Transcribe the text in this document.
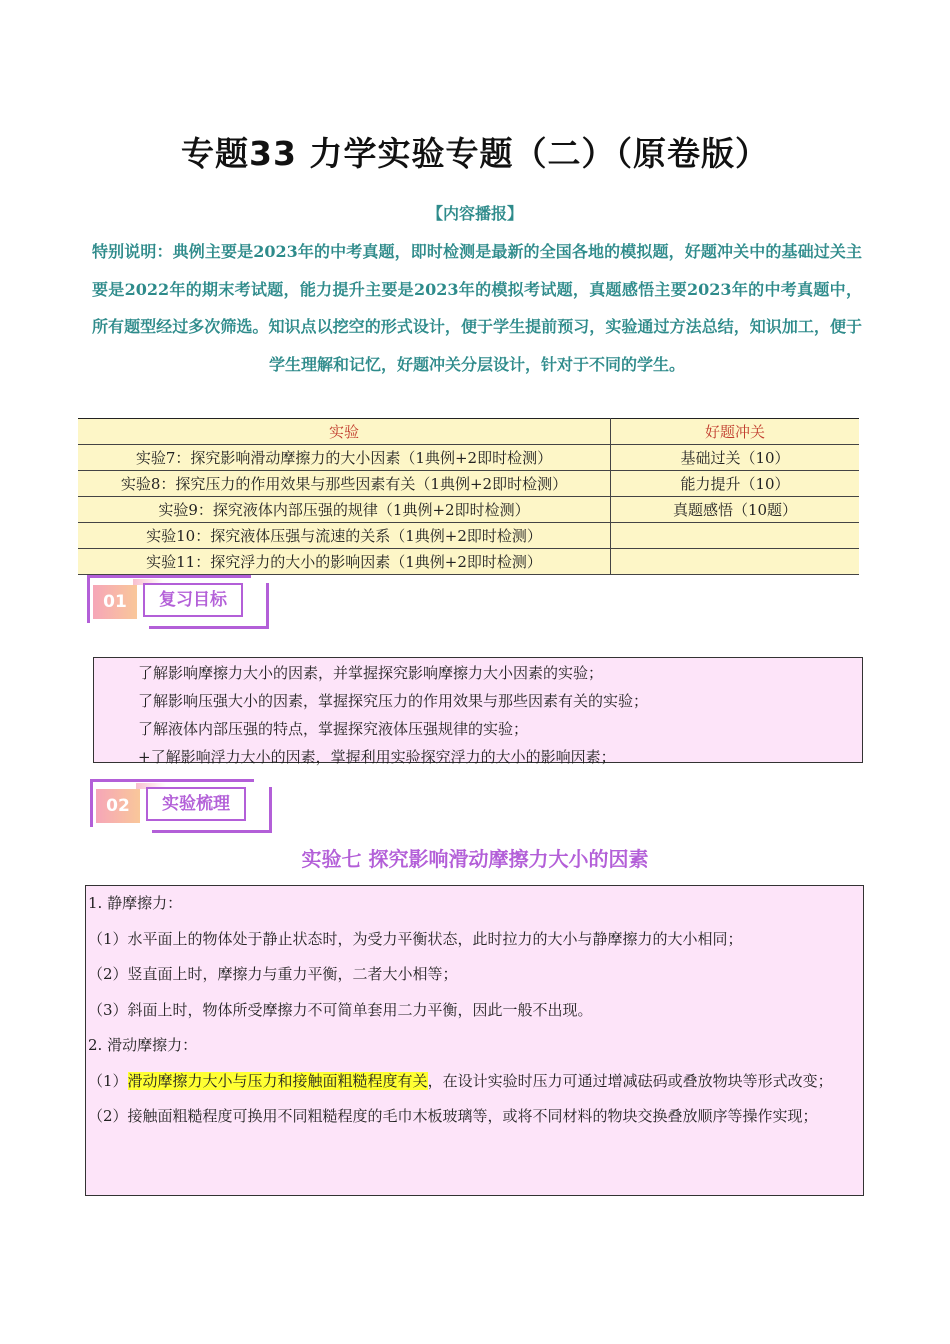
专题33 力学实验专题（二）（原卷版）
【内容播报】
特别说明：典例主要是2023年的中考真题，即时检测是最新的全国各地的模拟题，好题冲关中的基础过关主要是2022年的期末考试题，能力提升主要是2023年的模拟考试题，真题感悟主要2023年的中考真题中，所有题型经过多次筛选。知识点以挖空的形式设计，便于学生提前预习，实验通过方法总结，知识加工，便于学生理解和记忆，好题冲关分层设计，针对于不同的学生。
实验	好题冲关
实验7：探究影响滑动摩擦力的大小因素（1典例+2即时检测）	基础过关（10）
实验8：探究压力的作用效果与那些因素有关（1典例+2即时检测）	能力提升（10）
实验9：探究液体内部压强的规律（1典例+2即时检测）	真题感悟（10题）
实验10：探究液体压强与流速的关系（1典例+2即时检测）	
实验11：探究浮力的大小的影响因素（1典例+2即时检测）	
01	复习目标
了解影响摩擦力大小的因素，并掌握探究影响摩擦力大小因素的实验；
了解影响压强大小的因素，掌握探究压力的作用效果与那些因素有关的实验；
了解液体内部压强的特点，掌握探究液体压强规律的实验；
+了解影响浮力大小的因素，掌握利用实验探究浮力的大小的影响因素；
02	实验梳理
实验七 探究影响滑动摩擦力大小的因素

1. 静摩擦力：

（1）水平面上的物体处于静止状态时，为受力平衡状态，此时拉力的大小与静摩擦力的大小相同；

（2）竖直面上时，摩擦力与重力平衡，二者大小相等；

（3）斜面上时，物体所受摩擦力不可简单套用二力平衡，因此一般不出现。

2. 滑动摩擦力：

（1）滑动摩擦力大小与压力和接触面粗糙程度有关，在设计实验时压力可通过增减砝码或叠放物块等形式改变；

（2）接触面粗糙程度可换用不同粗糙程度的毛巾木板玻璃等，或将不同材料的物块交换叠放顺序等操作实现；
